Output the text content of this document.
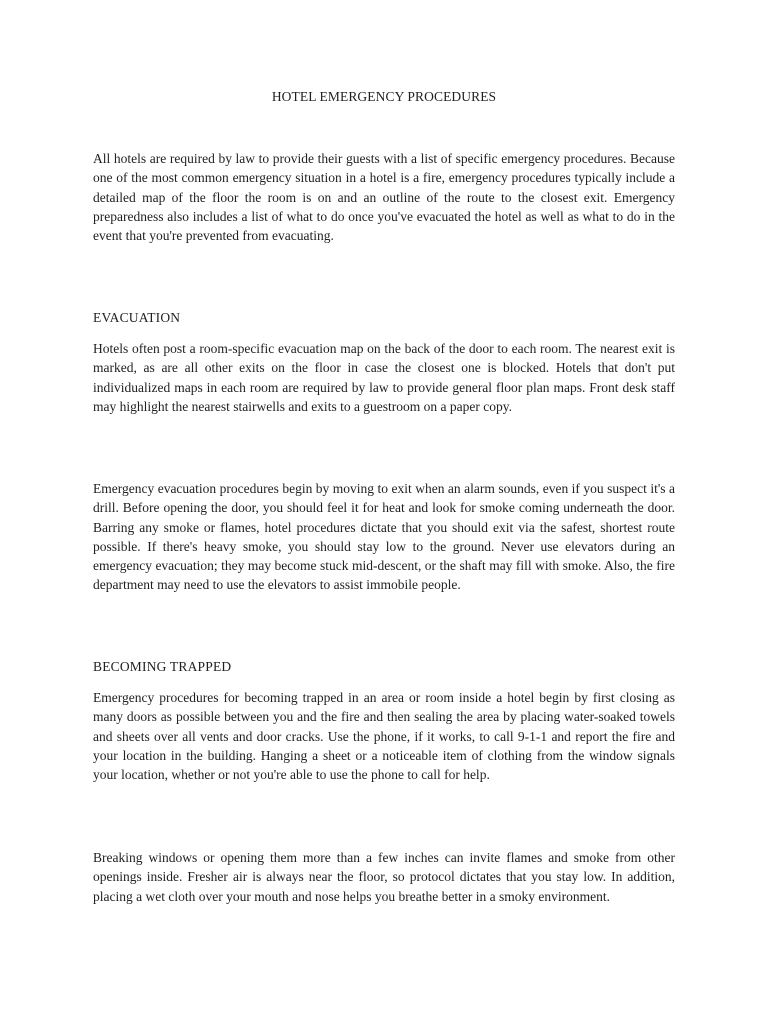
HOTEL EMERGENCY PROCEDURES

All hotels are required by law to provide their guests with a list of specific emergency procedures. Because one of the most common emergency situation in a hotel is a fire, emergency procedures typically include a detailed map of the floor the room is on and an outline of the route to the closest exit. Emergency preparedness also includes a list of what to do once you've evacuated the hotel as well as what to do in the event that you're prevented from evacuating.

EVACUATION

Hotels often post a room-specific evacuation map on the back of the door to each room. The nearest exit is marked, as are all other exits on the floor in case the closest one is blocked. Hotels that don't put individualized maps in each room are required by law to provide general floor plan maps. Front desk staff may highlight the nearest stairwells and exits to a guestroom on a paper copy.

Emergency evacuation procedures begin by moving to exit when an alarm sounds, even if you suspect it's a drill. Before opening the door, you should feel it for heat and look for smoke coming underneath the door. Barring any smoke or flames, hotel procedures dictate that you should exit via the safest, shortest route possible. If there's heavy smoke, you should stay low to the ground. Never use elevators during an emergency evacuation; they may become stuck mid-descent, or the shaft may fill with smoke. Also, the fire department may need to use the elevators to assist immobile people.

BECOMING TRAPPED

Emergency procedures for becoming trapped in an area or room inside a hotel begin by first closing as many doors as possible between you and the fire and then sealing the area by placing water-soaked towels and sheets over all vents and door cracks. Use the phone, if it works, to call 9-1-1 and report the fire and your location in the building. Hanging a sheet or a noticeable item of clothing from the window signals your location, whether or not you're able to use the phone to call for help.

Breaking windows or opening them more than a few inches can invite flames and smoke from other openings inside. Fresher air is always near the floor, so protocol dictates that you stay low. In addition, placing a wet cloth over your mouth and nose helps you breathe better in a smoky environment.
